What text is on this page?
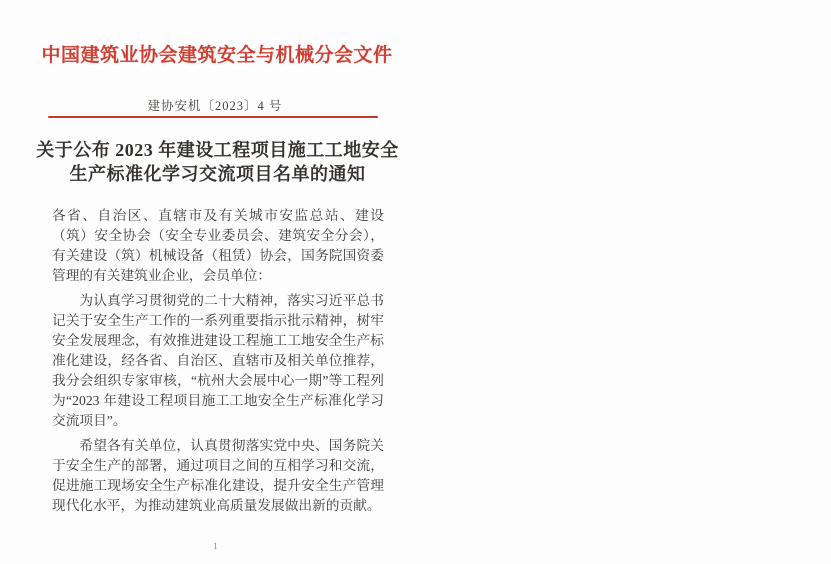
中国建筑业协会建筑安全与机械分会文件
建协安机〔2023〕4 号
关于公布 2023 年建设工程项目施工工地安全
生产标准化学习交流项目名单的通知

各省、自治区、直辖市及有关城市安监总站、建设（筑）安全协会（安全专业委员会、建筑安全分会），有关建设（筑）机械设备（租赁）协会，国务院国资委管理的有关建筑业企业，会员单位：

为认真学习贯彻党的二十大精神，落实习近平总书记关于安全生产工作的一系列重要指示批示精神，树牢安全发展理念，有效推进建设工程施工工地安全生产标准化建设，经各省、自治区、直辖市及相关单位推荐，我分会组织专家审核，“杭州大会展中心一期”等工程列为“2023 年建设工程项目施工工地安全生产标准化学习交流项目”。

希望各有关单位，认真贯彻落实党中央、国务院关于安全生产的部署，通过项目之间的互相学习和交流，促进施工现场安全生产标准化建设，提升安全生产管理现代化水平，为推动建筑业高质量发展做出新的贡献。

1
